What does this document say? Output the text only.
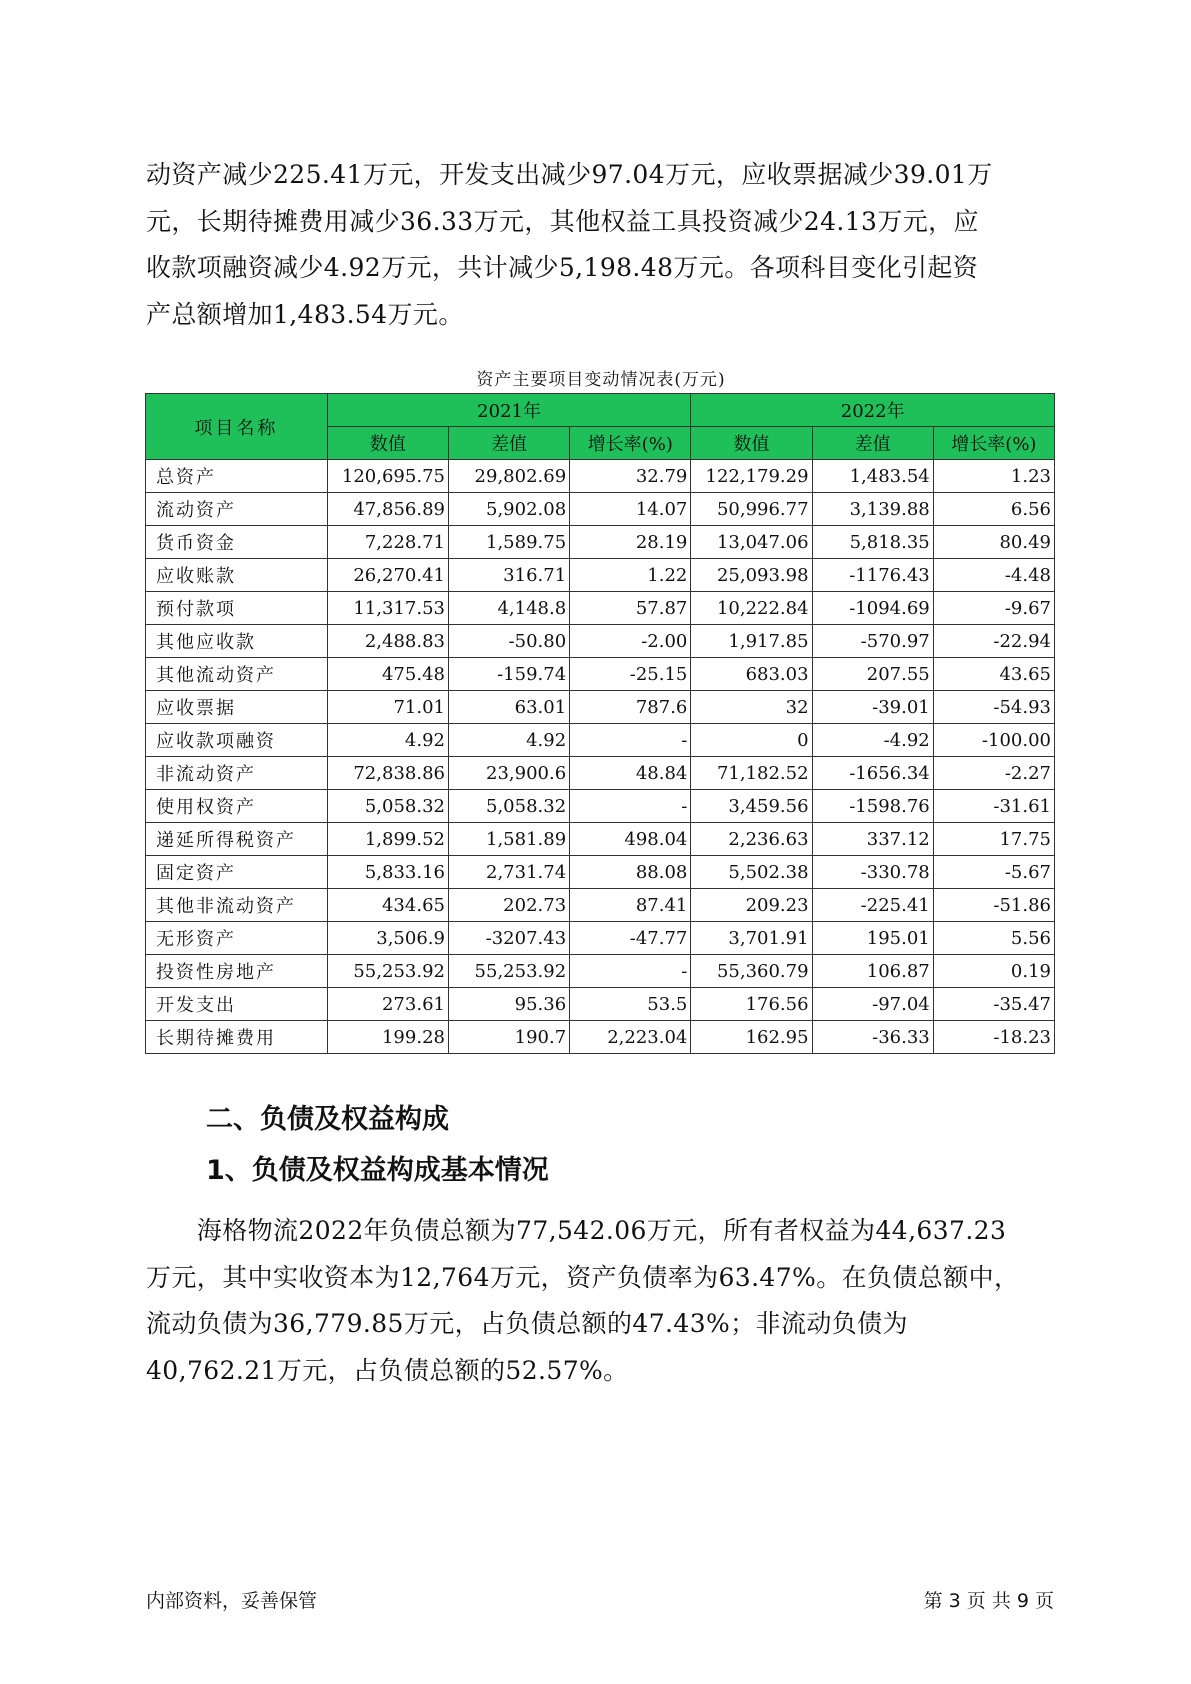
动资产减少225.41万元，开发支出减少97.04万元，应收票据减少39.01万

元，长期待摊费用减少36.33万元，其他权益工具投资减少24.13万元，应

收款项融资减少4.92万元，共计减少5,198.48万元。各项科目变化引起资

产总额增加1,483.54万元。

资产主要项目变动情况表(万元)
项目名称	2021年			2022年		
	数值	差值	增长率(%)	数值	差值	增长率(%)
总资产	120,695.75	29,802.69	32.79	122,179.29	1,483.54	1.23
流动资产	47,856.89	5,902.08	14.07	50,996.77	3,139.88	6.56
货币资金	7,228.71	1,589.75	28.19	13,047.06	5,818.35	80.49
应收账款	26,270.41	316.71	1.22	25,093.98	-1176.43	-4.48
预付款项	11,317.53	4,148.8	57.87	10,222.84	-1094.69	-9.67
其他应收款	2,488.83	-50.80	-2.00	1,917.85	-570.97	-22.94
其他流动资产	475.48	-159.74	-25.15	683.03	207.55	43.65
应收票据	71.01	63.01	787.6	32	-39.01	-54.93
应收款项融资	4.92	4.92	-	0	-4.92	-100.00
非流动资产	72,838.86	23,900.6	48.84	71,182.52	-1656.34	-2.27
使用权资产	5,058.32	5,058.32	-	3,459.56	-1598.76	-31.61
递延所得税资产	1,899.52	1,581.89	498.04	2,236.63	337.12	17.75
固定资产	5,833.16	2,731.74	88.08	5,502.38	-330.78	-5.67
其他非流动资产	434.65	202.73	87.41	209.23	-225.41	-51.86
无形资产	3,506.9	-3207.43	-47.77	3,701.91	195.01	5.56
投资性房地产	55,253.92	55,253.92	-	55,360.79	106.87	0.19
开发支出	273.61	95.36	53.5	176.56	-97.04	-35.47
长期待摊费用	199.28	190.7	2,223.04	162.95	-36.33	-18.23
二、负债及权益构成
1、负债及权益构成基本情况

　　海格物流2022年负债总额为77,542.06万元，所有者权益为44,637.23

万元，其中实收资本为12,764万元，资产负债率为63.47%。在负债总额中，

流动负债为36,779.85万元，占负债总额的47.43%；非流动负债为

40,762.21万元，占负债总额的52.57%。

内部资料，妥善保管	第 3 页 共 9 页
